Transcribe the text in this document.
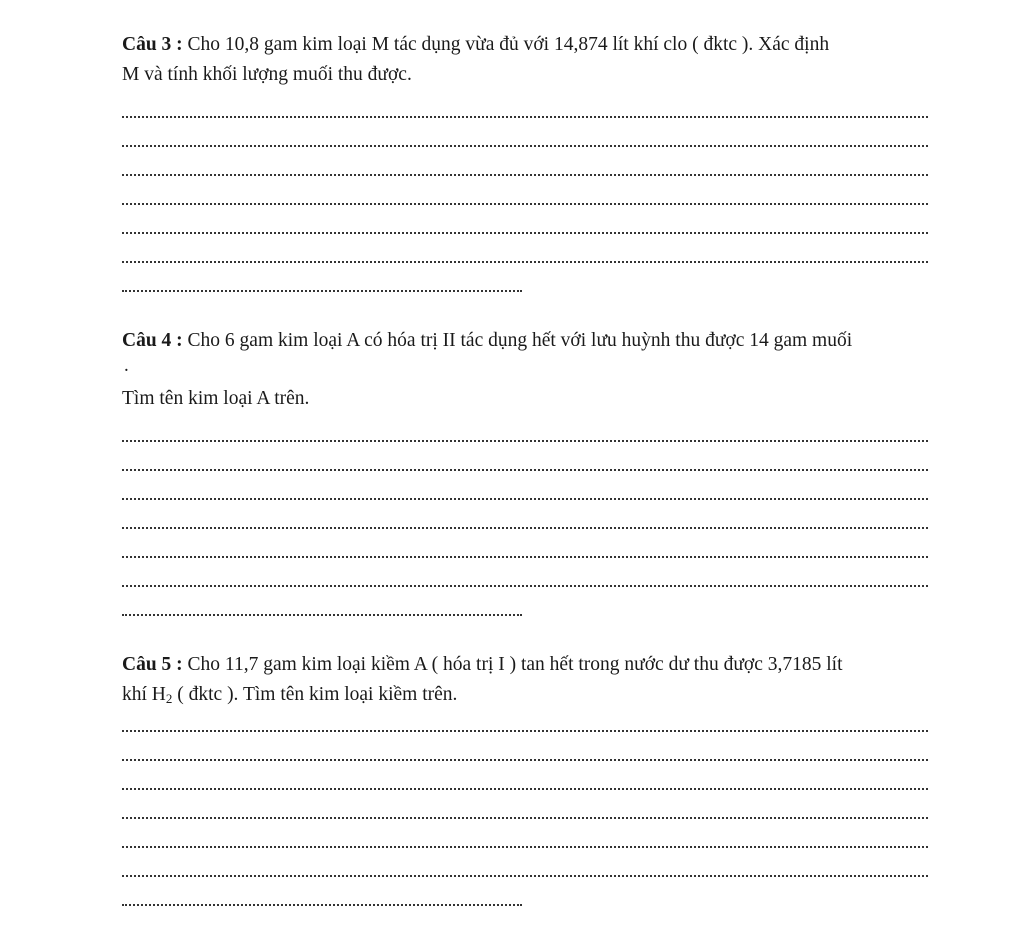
Câu 3 : Cho 10,8 gam kim loại M tác dụng vừa đủ với 14,874 lít khí clo ( đktc ). Xác định
M và tính khối lượng muối thu được.
Câu 4 : Cho 6 gam kim loại A có hóa trị II tác dụng hết với lưu huỳnh thu được 14 gam muối
.
Tìm tên kim loại A trên.
Câu 5 : Cho 11,7 gam kim loại kiềm A ( hóa trị I ) tan hết trong nước dư thu được 3,7185 lít
khí $H_2$ ( đktc ). Tìm tên kim loại kiềm trên.
